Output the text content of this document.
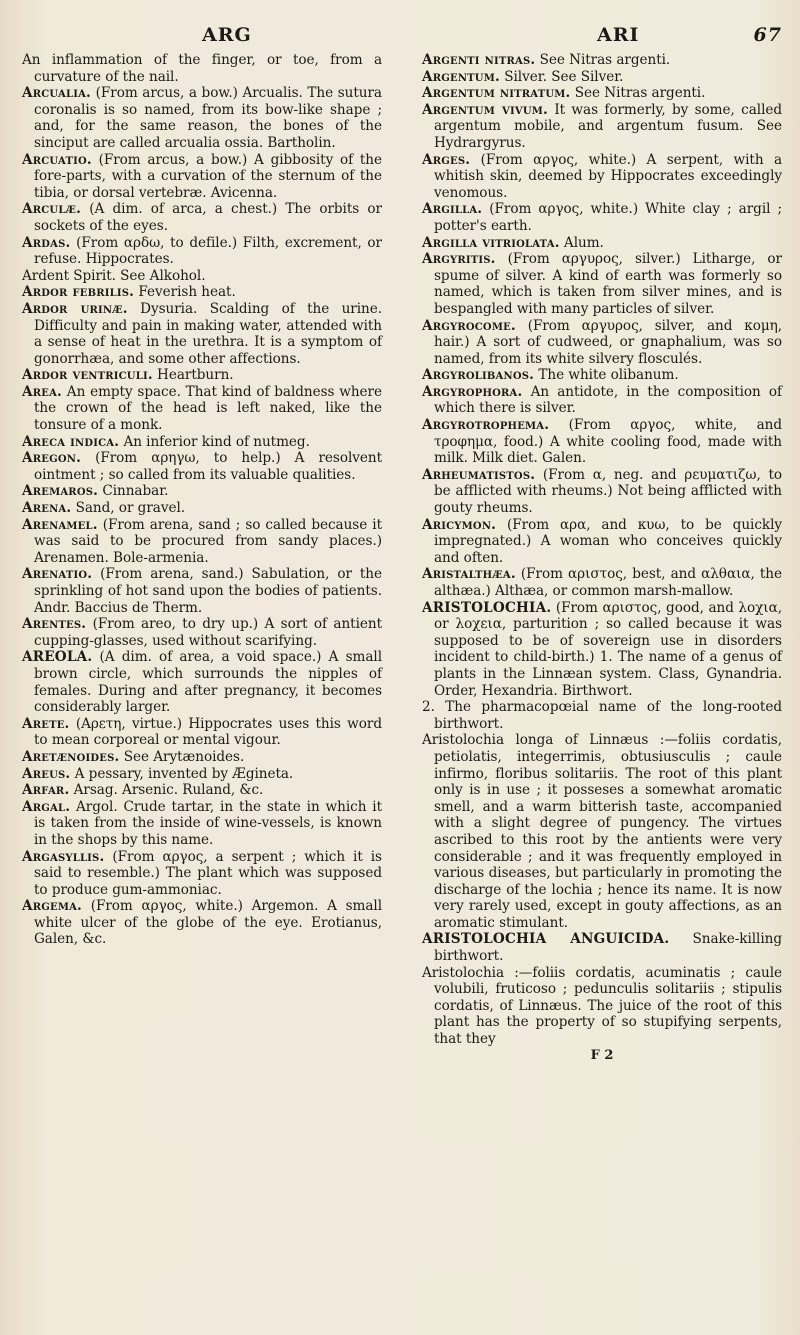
ARG	ARI	67

An inflammation of the finger, or toe, from a curvature of the nail.

Arcualia. (From arcus, a bow.) Arcualis. The sutura coronalis is so named, from its bow-like shape ; and, for the same reason, the bones of the sinciput are called arcualia ossia. Bartholin.

Arcuatio. (From arcus, a bow.) A gibbosity of the fore-parts, with a curvation of the sternum of the tibia, or dorsal vertebræ. Avicenna.

Arculæ. (A dim. of arca, a chest.) The orbits or sockets of the eyes.

Ardas. (From αρδω, to defile.) Filth, excrement, or refuse. Hippocrates.

Ardent Spirit. See Alkohol.

Ardor febrilis. Feverish heat.

Ardor urinæ. Dysuria. Scalding of the urine. Difficulty and pain in making water, attended with a sense of heat in the urethra. It is a symptom of gonorrhæa, and some other affections.

Ardor ventriculi. Heartburn.

Area. An empty space. That kind of baldness where the crown of the head is left naked, like the tonsure of a monk.

Areca indica. An inferior kind of nutmeg.

Aregon. (From αρηγω, to help.) A resolvent ointment ; so called from its valuable qualities.

Aremaros. Cinnabar.

Arena. Sand, or gravel.

Arenamel. (From arena, sand ; so called because it was said to be procured from sandy places.) Arenamen. Bole-armenia.

Arenatio. (From arena, sand.) Sabulation, or the sprinkling of hot sand upon the bodies of patients. Andr. Baccius de Therm.

Arentes. (From areo, to dry up.) A sort of antient cupping-glasses, used without scarifying.

AREOLA. (A dim. of area, a void space.) A small brown circle, which surrounds the nipples of females. During and after pregnancy, it becomes considerably larger.

Arete. (Αρετη, virtue.) Hippocrates uses this word to mean corporeal or mental vigour.

Aretænoides. See Arytænoides.

Areus. A pessary, invented by Ægineta.

Arfar. Arsag. Arsenic. Ruland, &c.

Argal. Argol. Crude tartar, in the state in which it is taken from the inside of wine-vessels, is known in the shops by this name.

Argasyllis. (From αργος, a serpent ; which it is said to resemble.) The plant which was supposed to produce gum-ammoniac.

Argema. (From αργος, white.) Argemon. A small white ulcer of the globe of the eye. Erotianus, Galen, &c.

Argenti nitras. See Nitras argenti.

Argentum. Silver. See Silver.

Argentum nitratum. See Nitras argenti.

Argentum vivum. It was formerly, by some, called argentum mobile, and argentum fusum. See Hydrargyrus.

Arges. (From αργος, white.) A serpent, with a whitish skin, deemed by Hippocrates exceedingly venomous.

Argilla. (From αργος, white.) White clay ; argil ; potter's earth.

Argilla vitriolata. Alum.

Argyritis. (From αργυρος, silver.) Litharge, or spume of silver. A kind of earth was formerly so named, which is taken from silver mines, and is bespangled with many particles of silver.

Argyrocome. (From αργυρος, silver, and κομη, hair.) A sort of cudweed, or gnaphalium, was so named, from its white silvery flosculés.

Argyrolibanos. The white olibanum.

Argyrophora. An antidote, in the composition of which there is silver.

Argyrotrophema. (From αργος, white, and τροφημα, food.) A white cooling food, made with milk. Milk diet. Galen.

Arheumatistos. (From α, neg. and ρευματιζω, to be afflicted with rheums.) Not being afflicted with gouty rheums.

Aricymon. (From αρα, and κυω, to be quickly impregnated.) A woman who conceives quickly and often.

Aristalthæa. (From αριστος, best, and αλθαια, the althæa.) Althæa, or common marsh-mallow.

ARISTOLOCHIA. (From αριστος, good, and λοχια, or λοχεια, parturition ; so called because it was supposed to be of sovereign use in disorders incident to child-birth.) 1. The name of a genus of plants in the Linnæan system. Class, Gynandria. Order, Hexandria. Birthwort.

2. The pharmacopœial name of the long-rooted birthwort.

Aristolochia longa of Linnæus :—foliis cordatis, petiolatis, integerrimis, obtusiusculis ; caule infirmo, floribus solitariis. The root of this plant only is in use ; it posseses a somewhat aromatic smell, and a warm bitterish taste, accompanied with a slight degree of pungency. The virtues ascribed to this root by the antients were very considerable ; and it was frequently employed in various diseases, but particularly in promoting the discharge of the lochia ; hence its name. It is now very rarely used, except in gouty affections, as an aromatic stimulant.

ARISTOLOCHIA ANGUICIDA. Snake-killing birthwort.

Aristolochia :—foliis cordatis, acuminatis ; caule volubili, fruticoso ; pedunculis solitariis ; stipulis cordatis, of Linnæus. The juice of the root of this plant has the property of so stupifying serpents, that they

F 2
